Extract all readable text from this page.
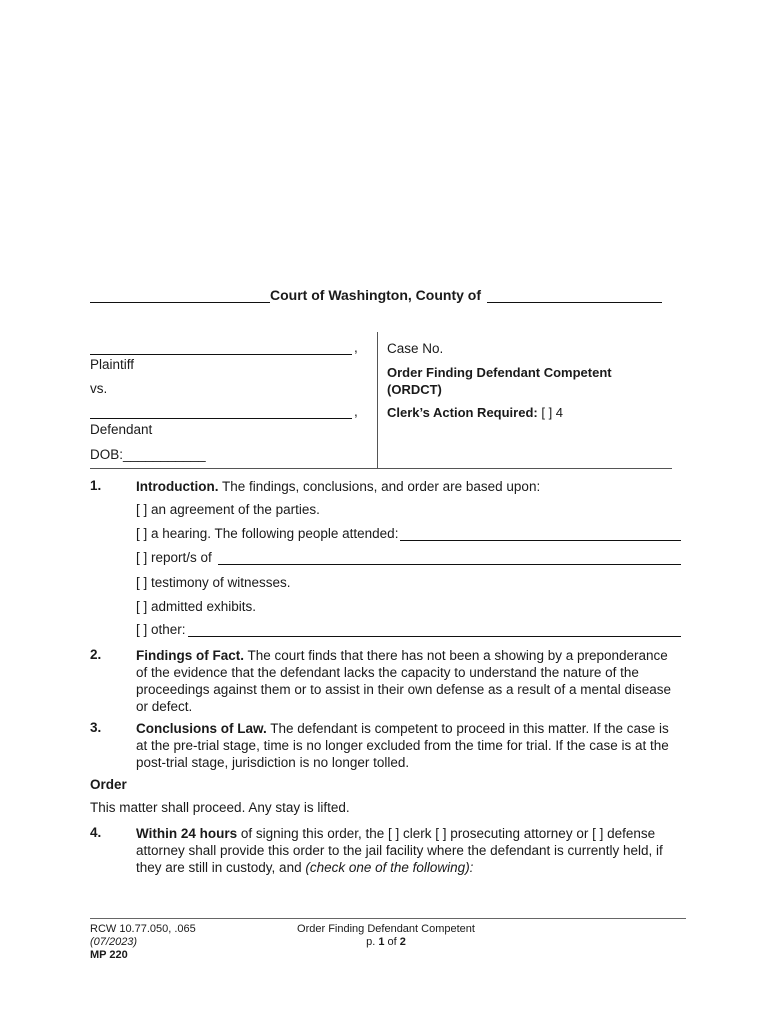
Court of Washington, County of
,
Plaintiff
vs.
,
Defendant
DOB:___________
Case No.
Order Finding Defendant Competent
(ORDCT)
Clerk’s Action Required: [ ] 4
1.	Introduction. The findings, conclusions, and order are based upon:
[ ] an agreement of the parties.
[ ] a hearing. The following people attended:
[ ] report/s of
[ ] testimony of witnesses.
[ ] admitted exhibits.
[ ] other:
2.	Findings of Fact. The court finds that there has not been a showing by a preponderance of the evidence that the defendant lacks the capacity to understand the nature of the proceedings against them or to assist in their own defense as a result of a mental disease or defect.
3.	Conclusions of Law. The defendant is competent to proceed in this matter. If the case is at the pre-trial stage, time is no longer excluded from the time for trial. If the case is at the post-trial stage, jurisdiction is no longer tolled.
Order
This matter shall proceed. Any stay is lifted.
4.	Within 24 hours of signing this order, the [ ] clerk [ ] prosecuting attorney or [ ] defense attorney shall provide this order to the jail facility where the defendant is currently held, if they are still in custody, and (check one of the following):
RCW 10.77.050, .065
(07/2023)
MP 220
Order Finding Defendant Competent
p. 1 of 2
